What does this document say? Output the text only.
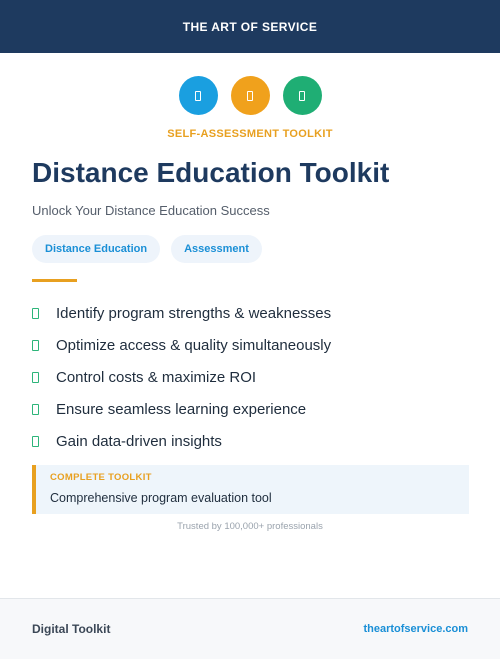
THE ART OF SERVICE
SELF-ASSESSMENT TOOLKIT
Distance Education Toolkit
Unlock Your Distance Education Success
Distance Education	Assessment
Identify program strengths & weaknesses
Optimize access & quality simultaneously
Control costs & maximize ROI
Ensure seamless learning experience
Gain data-driven insights
COMPLETE TOOLKIT
Comprehensive program evaluation tool
Trusted by 100,000+ professionals
Digital Toolkit	theartofservice.com
